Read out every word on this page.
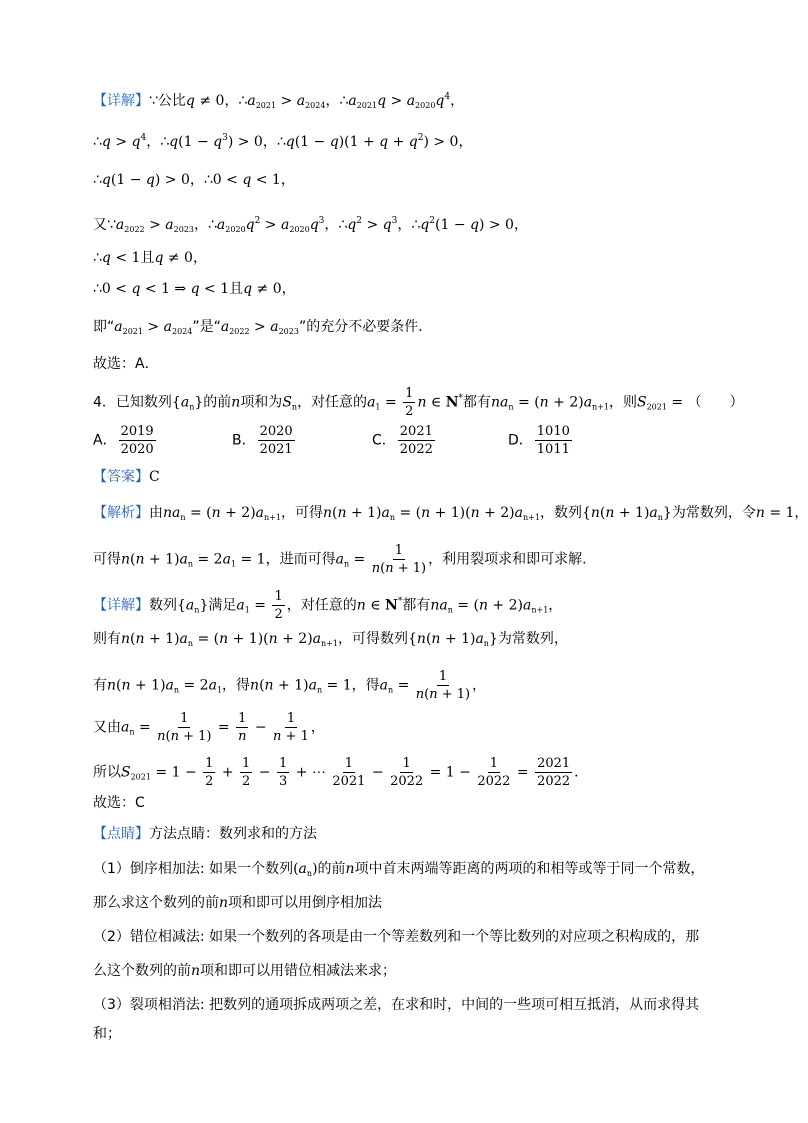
【详解】∵公比q ≠ 0，$\therefore a_{2021} > a_{2024}$，$\therefore a_{2021}q > a_{2020}q^4$，
∴q > $q^4$，∴q(1 − $q^3) > 0$，∴q(1 − $q)(1 + q + q^2) > 0$，
∴q(1 − q) > 0，∴0 < q < 1，
又$\because a_{2022} > a_{2023}$，$\therefore a_{2020}q^2 > a_{2020}q^3$，$\therefore q^2 > q^3$，$\therefore q^2(1 - q) > 0$，
∴q < 1且q ≠ 0，
∴0 < q < 1 ⇒ q < 1且q ≠ 0，
即“$a_{2021} > a_{2024}$”是“$a_{2022} > a_{2023}$”的充分不必要条件．
故选：A．
4．已知数列$\{a_n\}$的前n项和为$S_n$，对任意的$a_1 = \frac{1}{2}$ n ∈ N*都有$na_n = (n + 2)a_{n+1}$，则$S_{2021}$ = （　　）
A． $\frac{2019}{2020}$	B． $\frac{2020}{2021}$	C． $\frac{2021}{2022}$	D． $\frac{1010}{1011}$
【答案】C
【解析】由$na_n = (n + 2)a_{n+1}$，可得$n(n + 1)a_n = (n + 1)(n + 2)a_{n+1}$，数列$\{n(n + 1)a_n\}$为常数列，令n = 1，
可得$n(n + 1)a_n = 2a_1 = 1$，进而可得$a_n = \frac{1}{n(n + 1)}$ ，利用裂项求和即可求解.
【详解】数列$\{a_n\}$满足$a_1 = \frac{1}{2}$ ，对任意的n ∈ N*都有$na_n = (n + 2)a_{n+1}$，
则有$n(n + 1)a_n = (n + 1)(n + 2)a_{n+1}$，可得数列$\{n(n + 1)a_n\}$为常数列，
有$n(n + 1)a_n = 2a_1$，得$n(n + 1)a_n = 1$，得$a_n = \frac{1}{n(n + 1)}$ ，
又由$a_n = \frac{1}{n(n + 1)} = \frac{1}{n} - \frac{1}{n + 1}$ ，
所以$S_{2021} = 1 - \frac{1}{2} + \frac{1}{2} - \frac{1}{3}$ + ⋯ $\frac{1}{2021} - \frac{1}{2022} = 1 - \frac{1}{2022} = \frac{2021}{2022}$ ．
故选：C
【点睛】方法点睛：数列求和的方法
（1）倒序相加法: 如果一个数列$(a_n)$的前n项中首末两端等距离的两项的和相等或等于同一个常数，
那么求这个数列的前n项和即可以用倒序相加法
（2）错位相减法: 如果一个数列的各项是由一个等差数列和一个等比数列的对应项之积构成的，那
么这个数列的前n项和即可以用错位相减法来求；
（3）裂项相消法: 把数列的通项拆成两项之差，在求和时，中间的一些项可相互抵消，从而求得其
和；
